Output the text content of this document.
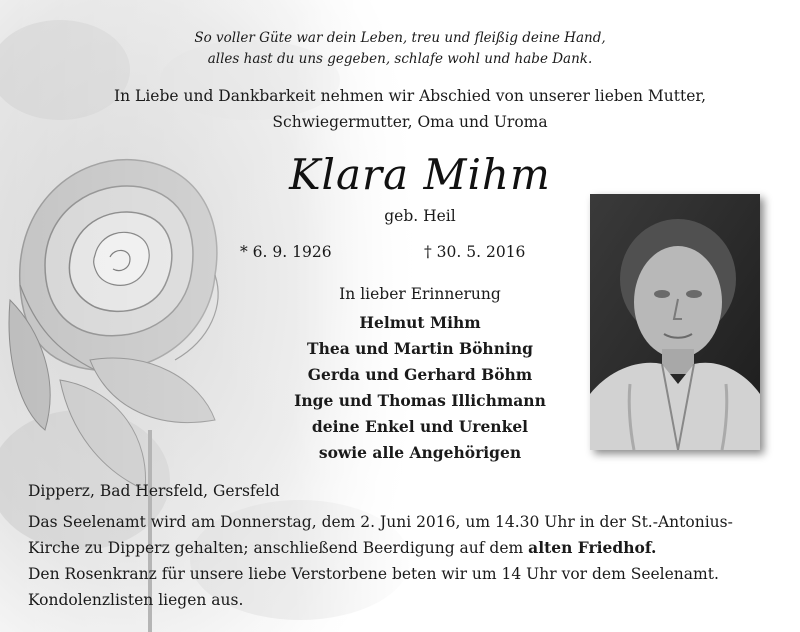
So voller Güte war dein Leben, treu und fleißig deine Hand,
alles hast du uns gegeben, schlafe wohl und habe Dank.
In Liebe und Dankbarkeit nehmen wir Abschied von unserer lieben Mutter,
Schwiegermutter, Oma und Uroma
Klara Mihm
geb. Heil
* 6. 9. 1926	† 30. 5. 2016
In lieber Erinnerung
Helmut Mihm
Thea und Martin Böhning
Gerda und Gerhard Böhm
Inge und Thomas Illichmann
deine Enkel und Urenkel
sowie alle Angehörigen
Dipperz, Bad Hersfeld, Gersfeld
Das Seelenamt wird am Donnerstag, dem 2. Juni 2016, um 14.30 Uhr in der St.-Antonius-
Kirche zu Dipperz gehalten; anschließend Beerdigung auf dem alten Friedhof.
Den Rosenkranz für unsere liebe Verstorbene beten wir um 14 Uhr vor dem Seelenamt.
Kondolenzlisten liegen aus.
